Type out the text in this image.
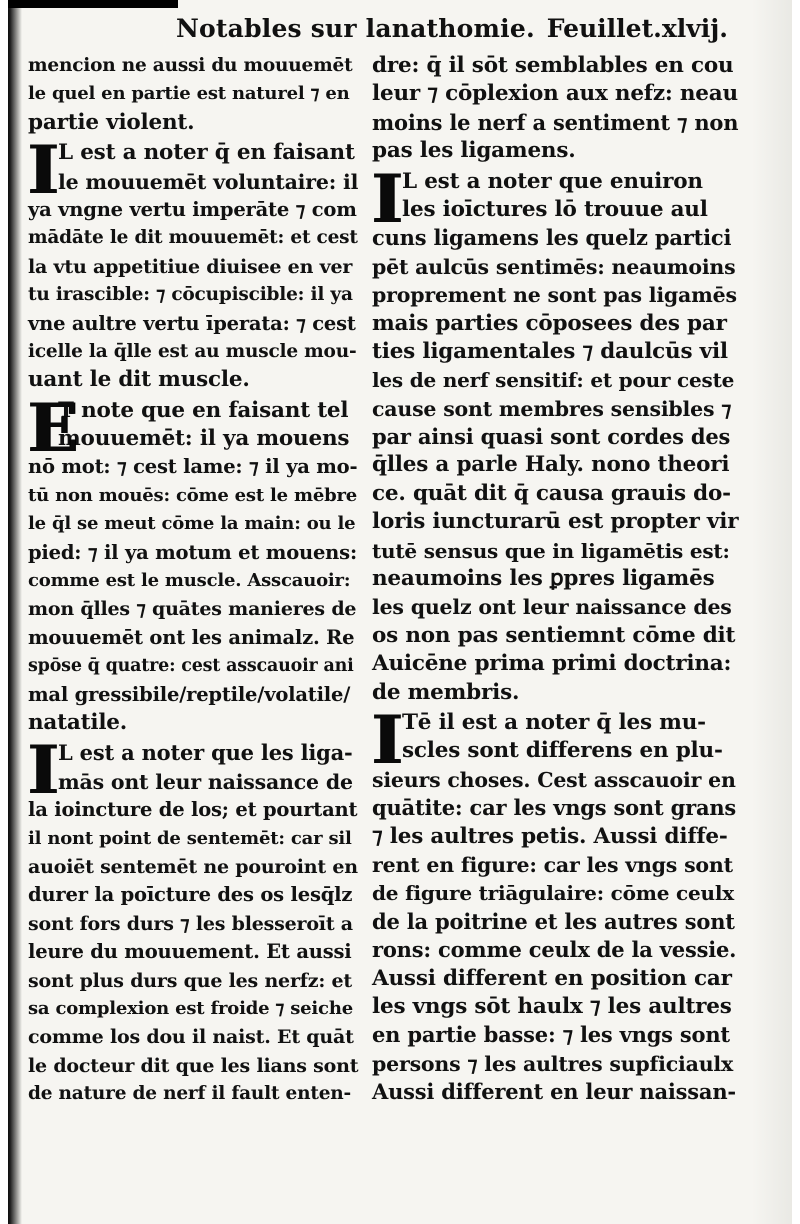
Notables sur lanathomie. Feuillet.xlvij.
mencion ne aussi du mouuemēt
le quel en partie est naturel ⁊ en
partie violent.
I L est a noter q̄ en faisant
le mouuemēt voluntaire: il
ya vngne vertu imperāte ⁊ com
mādāte le dit mouuemēt: et cest
la vtu appetitiue diuisee en ver
tu irascible: ⁊ cōcupiscible: il ya
vne aultre vertu īperata: ⁊ cest
icelle la q̄lle est au muscle mou-
uant le dit muscle.
E
T note que en faisant tel
mouuemēt: il ya mouens
nō mot: ⁊ cest lame: ⁊ il ya mo-
tū non mouēs: cōme est le mēbre
le q̄l se meut cōme la main: ou le
pied: ⁊ il ya motum et mouens:
comme est le muscle. Asscauoir:
mon q̄lles ⁊ quātes manieres de
mouuemēt ont les animalz. Re
spōse q̄ quatre: cest asscauoir ani
mal gressibile/reptile/volatile/
natatile.
I L est a noter que les liga-
mās ont leur naissance de
la ioincture de los; et pourtant
il nont point de sentemēt: car sil
auoiēt sentemēt ne pouroint en
durer la poīcture des os lesq̄lz
sont fors durs ⁊ les blesseroīt a
leure du mouuement. Et aussi
sont plus durs que les nerfz: et
sa complexion est froide ⁊ seiche
comme los dou il naist. Et quāt
le docteur dit que les lians sont
de nature de nerf il fault enten-
dre: q̄ il sōt semblables en cou
leur ⁊ cōplexion aux nefz: neau
moins le nerf a sentiment ⁊ non
pas les ligamens.
I L est a noter que enuiron
les ioīctures lō trouue aul
cuns ligamens les quelz partici
pēt aulcūs sentimēs: neaumoins
proprement ne sont pas ligamēs
mais parties cōposees des par
ties ligamentales ⁊ daulcūs vil
les de nerf sensitif: et pour ceste
cause sont membres sensibles ⁊
par ainsi quasi sont cordes des
q̄lles a parle Haly. nono theori
ce. quāt dit q̄ causa grauis do-
loris iuncturarū est propter vir
tutē sensus que in ligamētis est:
neaumoins les ꝑpres ligamēs
les quelz ont leur naissance des
os non pas sentiemnt cōme dit
Auicēne prima primi doctrina:
de membris.
I Tē il est a noter q̄ les mu-
scles sont differens en plu-
sieurs choses. Cest asscauoir en
quātite: car les vngs sont grans
⁊ les aultres petis. Aussi diffe-
rent en figure: car les vngs sont
de figure triāgulaire: cōme ceulx
de la poitrine et les autres sont
rons: comme ceulx de la vessie.
Aussi different en position car
les vngs sōt haulx ⁊ les aultres
en partie basse: ⁊ les vngs sont
persons ⁊ les aultres supficiaulx
Aussi different en leur naissan-
